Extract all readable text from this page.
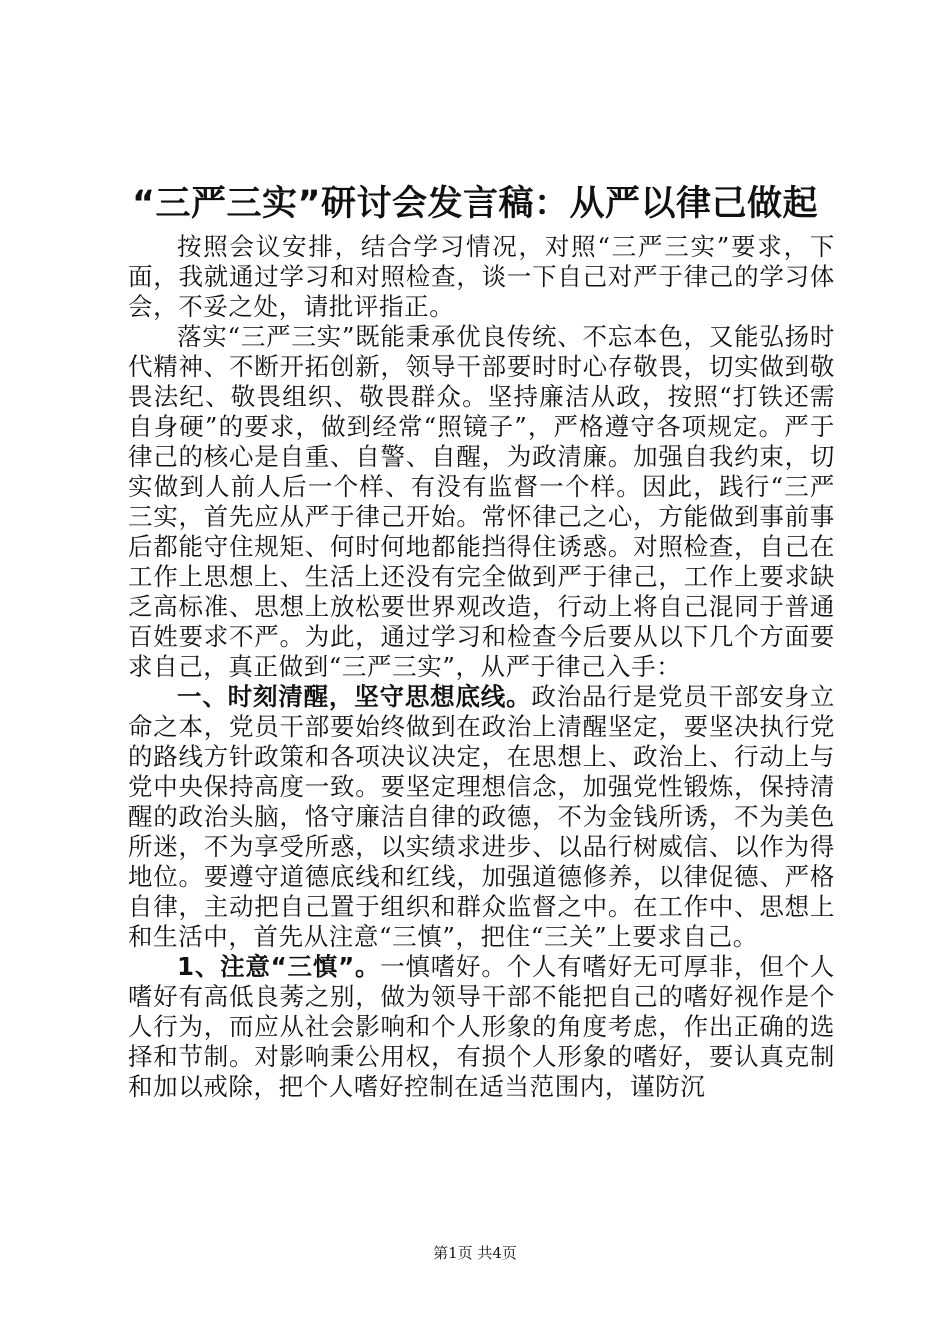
“三严三实”研讨会发言稿：从严以律己做起

按照会议安排，结合学习情况，对照“三严三实”要求，下面，我就通过学习和对照检查，谈一下自己对严于律己的学习体会，不妥之处，请批评指正。

落实“三严三实”既能秉承优良传统、不忘本色，又能弘扬时代精神、不断开拓创新，领导干部要时时心存敬畏，切实做到敬畏法纪、敬畏组织、敬畏群众。坚持廉洁从政，按照“打铁还需自身硬”的要求，做到经常“照镜子”，严格遵守各项规定。严于律己的核心是自重、自警、自醒，为政清廉。加强自我约束，切实做到人前人后一个样、有没有监督一个样。因此，践行“三严三实，首先应从严于律己开始。常怀律己之心，方能做到事前事后都能守住规矩、何时何地都能挡得住诱惑。对照检查，自己在工作上思想上、生活上还没有完全做到严于律己，工作上要求缺乏高标准、思想上放松要世界观改造，行动上将自己混同于普通百姓要求不严。为此，通过学习和检查今后要从以下几个方面要求自己，真正做到“三严三实”，从严于律己入手：

一、时刻清醒，坚守思想底线。政治品行是党员干部安身立命之本，党员干部要始终做到在政治上清醒坚定，要坚决执行党的路线方针政策和各项决议决定，在思想上、政治上、行动上与党中央保持高度一致。要坚定理想信念，加强党性锻炼，保持清醒的政治头脑，恪守廉洁自律的政德，不为金钱所诱，不为美色所迷，不为享受所惑，以实绩求进步、以品行树威信、以作为得地位。要遵守道德底线和红线，加强道德修养，以律促德、严格自律，主动把自己置于组织和群众监督之中。在工作中、思想上和生活中，首先从注意“三慎”，把住“三关”上要求自己。

1、注意“三慎”。一慎嗜好。个人有嗜好无可厚非，但个人嗜好有高低良莠之别，做为领导干部不能把自己的嗜好视作是个人行为，而应从社会影响和个人形象的角度考虑，作出正确的选择和节制。对影响秉公用权，有损个人形象的嗜好，要认真克制和加以戒除，把个人嗜好控制在适当范围内，谨防沉

第1页 共4页
